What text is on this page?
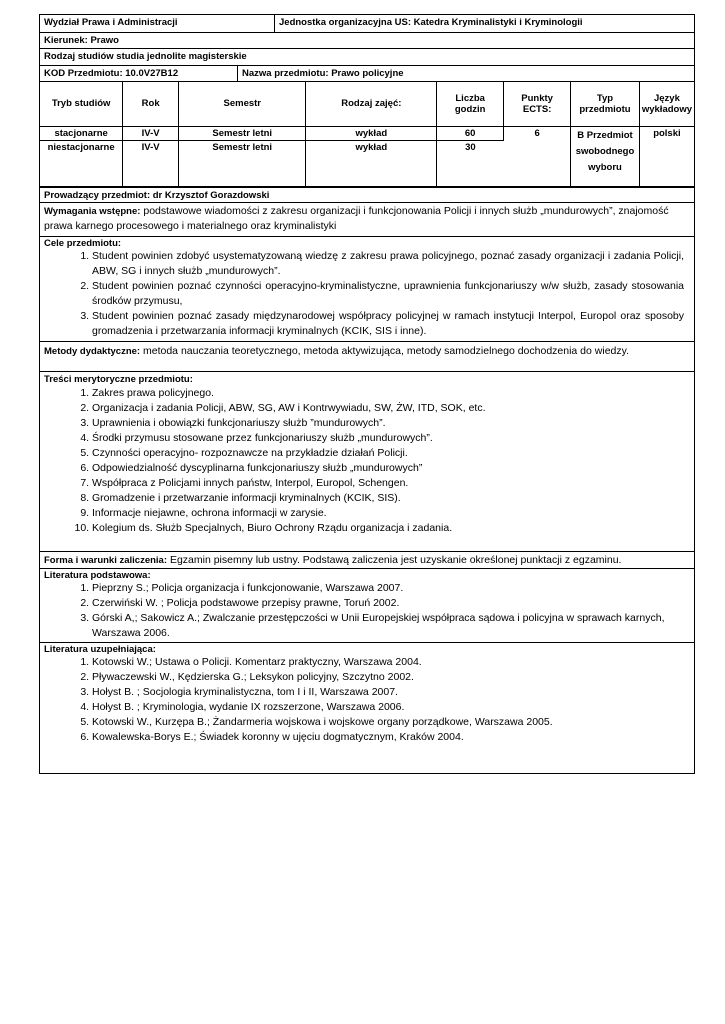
Wydział Prawa i Administracji	Jednostka organizacyjna US: Katedra Kryminalistyki i Kryminologii
Kierunek: Prawo
Rodzaj studiów studia jednolite magisterskie
KOD Przedmiotu: 10.0V27B12	Nazwa przedmiotu: Prawo policyjne
Tryb studiów	Rok	Semestr	Rodzaj zajęć:	Liczba godzin	Punkty ECTS:	Typ przedmiotu	Język wykładowy
stacjonarne	IV-V	Semestr letni	wykład	60	6	B Przedmiot swobodnego wyboru	polski
niestacjonarne	IV-V	Semestr letni	wykład	30			
Prowadzący przedmiot: dr Krzysztof Gorazdowski
Wymagania wstępne: podstawowe wiadomości z zakresu organizacji i funkcjonowania Policji i innych służb „mundurowych”, znajomość prawa karnego procesowego i materialnego oraz kryminalistyki
Cele przedmiotu:
1. Student powinien zdobyć usystematyzowaną wiedzę z zakresu prawa policyjnego, poznać zasady organizacji i zadania Policji, ABW, SG i innych służb „mundurowych”.
2. Student powinien poznać czynności operacyjno-kryminalistyczne, uprawnienia funkcjonariuszy w/w służb, zasady stosowania środków przymusu,
3. Student powinien poznać zasady międzynarodowej współpracy policyjnej w ramach instytucji Interpol, Europol oraz sposoby gromadzenia i przetwarzania informacji kryminalnych (KCIK, SIS i inne).
Metody dydaktyczne: metoda nauczania teoretycznego, metoda aktywizująca, metody samodzielnego dochodzenia do wiedzy.
Treści merytoryczne przedmiotu:
1. Zakres prawa policyjnego.
2. Organizacja i zadania Policji, ABW, SG, AW i Kontrwywiadu, SW, ŻW, ITD, SOK, etc.
3. Uprawnienia i obowiązki funkcjonariuszy służb ”mundurowych”.
4. Środki przymusu stosowane przez funkcjonariuszy służb „mundurowych”.
5. Czynności operacyjno- rozpoznawcze na przykładzie działań Policji.
6. Odpowiedzialność dyscyplinarna funkcjonariuszy służb „mundurowych”
7. Współpraca z Policjami innych państw, Interpol, Europol, Schengen.
8. Gromadzenie i przetwarzanie informacji kryminalnych (KCIK, SIS).
9. Informacje niejawne, ochrona informacji w zarysie.
10. Kolegium ds. Służb Specjalnych, Biuro Ochrony Rządu organizacja i zadania.
Forma i warunki zaliczenia: Egzamin pisemny lub ustny. Podstawą zaliczenia jest uzyskanie określonej punktacji z egzaminu.
Literatura podstawowa:
1. Pieprzny S.; Policja organizacja i funkcjonowanie, Warszawa 2007.
2. Czerwiński W. ; Policja podstawowe przepisy prawne, Toruń 2002.
3. Górski A,; Sakowicz A.; Zwalczanie przestępczości w Unii Europejskiej współpraca sądowa i policyjna w sprawach karnych, Warszawa 2006.
Literatura uzupełniająca:
1. Kotowski W.; Ustawa o Policji. Komentarz praktyczny, Warszawa 2004.
2. Pływaczewski W., Kędzierska G.; Leksykon policyjny, Szczytno 2002.
3. Hołyst B. ; Socjologia kryminalistyczna, tom I i II, Warszawa 2007.
4. Hołyst B. ; Kryminologia, wydanie IX rozszerzone, Warszawa 2006.
5. Kotowski W., Kurzępa B.; Żandarmeria wojskowa i wojskowe organy porządkowe, Warszawa 2005.
6. Kowalewska-Borys E.; Świadek koronny w ujęciu dogmatycznym, Kraków 2004.
